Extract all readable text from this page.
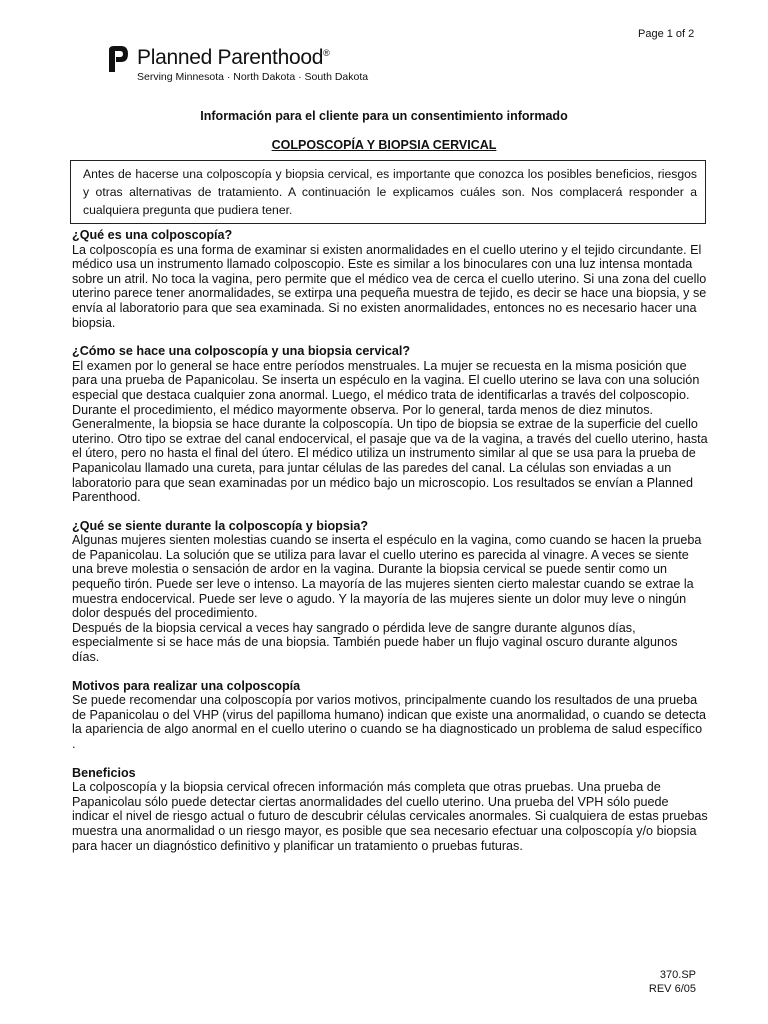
Page 1 of 2
Planned Parenthood®
Serving Minnesota · North Dakota · South Dakota
Información para el cliente para un consentimiento informado
COLPOSCOPÍA Y BIOPSIA CERVICAL
Antes de hacerse una colposcopía y biopsia cervical, es importante que conozca los posibles beneficios, riesgos y otras alternativas de tratamiento. A continuación le explicamos cuáles son. Nos complacerá responder a cualquiera pregunta que pudiera tener.
¿Qué es una colposcopía?

La colposcopía es una forma de examinar si existen anormalidades en el cuello uterino y el tejido circundante. El médico usa un instrumento llamado colposcopio. Este es similar a los binoculares con una luz intensa montada sobre un atril. No toca la vagina, pero permite que el médico vea de cerca el cuello uterino. Si una zona del cuello uterino parece tener anormalidades, se extirpa una pequeña muestra de tejido, es decir se hace una biopsia, y se envía al laboratorio para que sea examinada. Si no existen anormalidades, entonces no es necesario hacer una biopsia.

¿Cómo se hace una colposcopía y una biopsia cervical?

El examen por lo general se hace entre períodos menstruales. La mujer se recuesta en la misma posición que para una prueba de Papanicolau. Se inserta un espéculo en la vagina. El cuello uterino se lava con una solución especial que destaca cualquier zona anormal. Luego, el médico trata de identificarlas a través del colposcopio. Durante el procedimiento, el médico mayormente observa. Por lo general, tarda menos de diez minutos.

Generalmente, la biopsia se hace durante la colposcopía. Un tipo de biopsia se extrae de la superficie del cuello uterino. Otro tipo se extrae del canal endocervical, el pasaje que va de la vagina, a través del cuello uterino, hasta el útero, pero no hasta el final del útero. El médico utiliza un instrumento similar al que se usa para la prueba de Papanicolau llamado una cureta, para juntar células de las paredes del canal. La células son enviadas a un laboratorio para que sean examinadas por un médico bajo un microscopio. Los resultados se envían a Planned Parenthood.

¿Qué se siente durante la colposcopía y biopsia?

Algunas mujeres sienten molestias cuando se inserta el espéculo en la vagina, como cuando se hacen la prueba de Papanicolau. La solución que se utiliza para lavar el cuello uterino es parecida al vinagre. A veces se siente una breve molestia o sensación de ardor en la vagina. Durante la biopsia cervical se puede sentir como un pequeño tirón. Puede ser leve o intenso. La mayoría de las mujeres sienten cierto malestar cuando se extrae la muestra endocervical. Puede ser leve o agudo. Y la mayoría de las mujeres siente un dolor muy leve o ningún dolor después del procedimiento.

Después de la biopsia cervical a veces hay sangrado o pérdida leve de sangre durante algunos días, especialmente si se hace más de una biopsia. También puede haber un flujo vaginal oscuro durante algunos días.

Motivos para realizar una colposcopía

Se puede recomendar una colposcopía por varios motivos, principalmente cuando los resultados de una prueba de Papanicolau o del VHP (virus del papilloma humano) indican que existe una anormalidad, o cuando se detecta la apariencia de algo anormal en el cuello uterino o cuando se ha diagnosticado un problema de salud específico .

Beneficios

La colposcopía y la biopsia cervical ofrecen información más completa que otras pruebas. Una prueba de Papanicolau sólo puede detectar ciertas anormalidades del cuello uterino. Una prueba del VPH sólo puede indicar el nivel de riesgo actual o futuro de descubrir células cervicales anormales. Si cualquiera de estas pruebas muestra una anormalidad o un riesgo mayor, es posible que sea necesario efectuar una colposcopía y/o biopsia para hacer un diagnóstico definitivo y planificar un tratamiento o pruebas futuras.

370.SP
REV 6/05
